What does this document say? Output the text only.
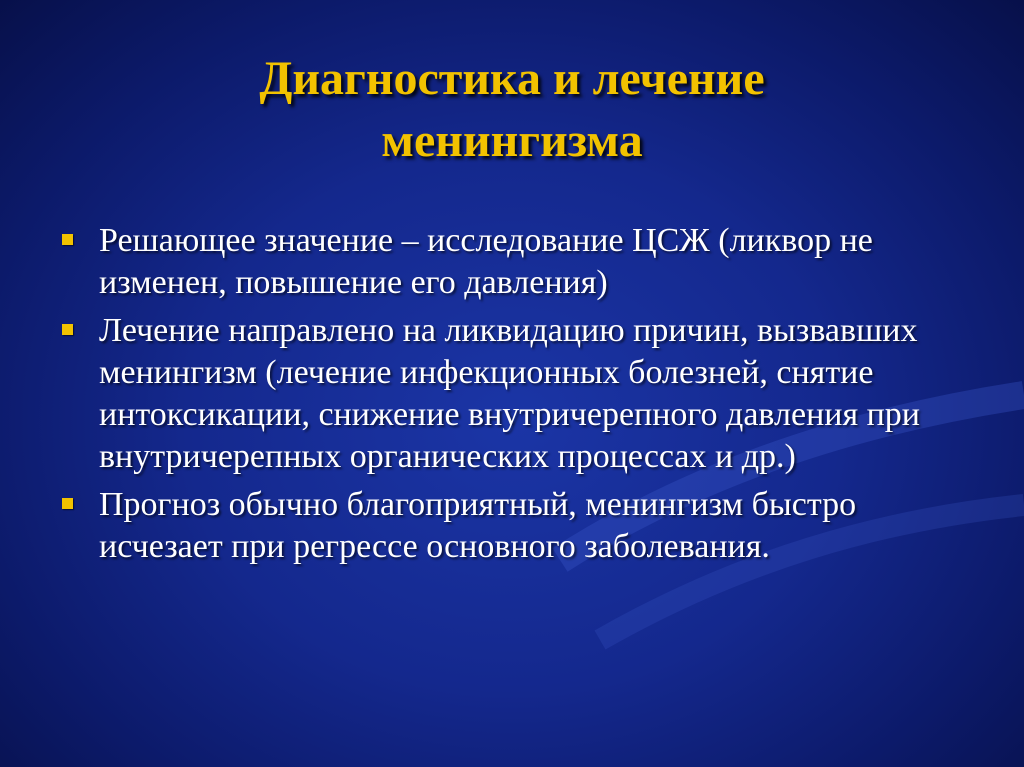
Диагностика и лечение
менингизма
Решающее значение – исследование ЦСЖ (ликвор не изменен, повышение его давления)
Лечение направлено на ликвидацию причин, вызвавших менингизм (лечение инфекционных болезней, снятие интоксикации, снижение внутричерепного давления при внутричерепных органических процессах и др.)
Прогноз обычно благоприятный, менингизм быстро исчезает при регрессе основного заболевания.
